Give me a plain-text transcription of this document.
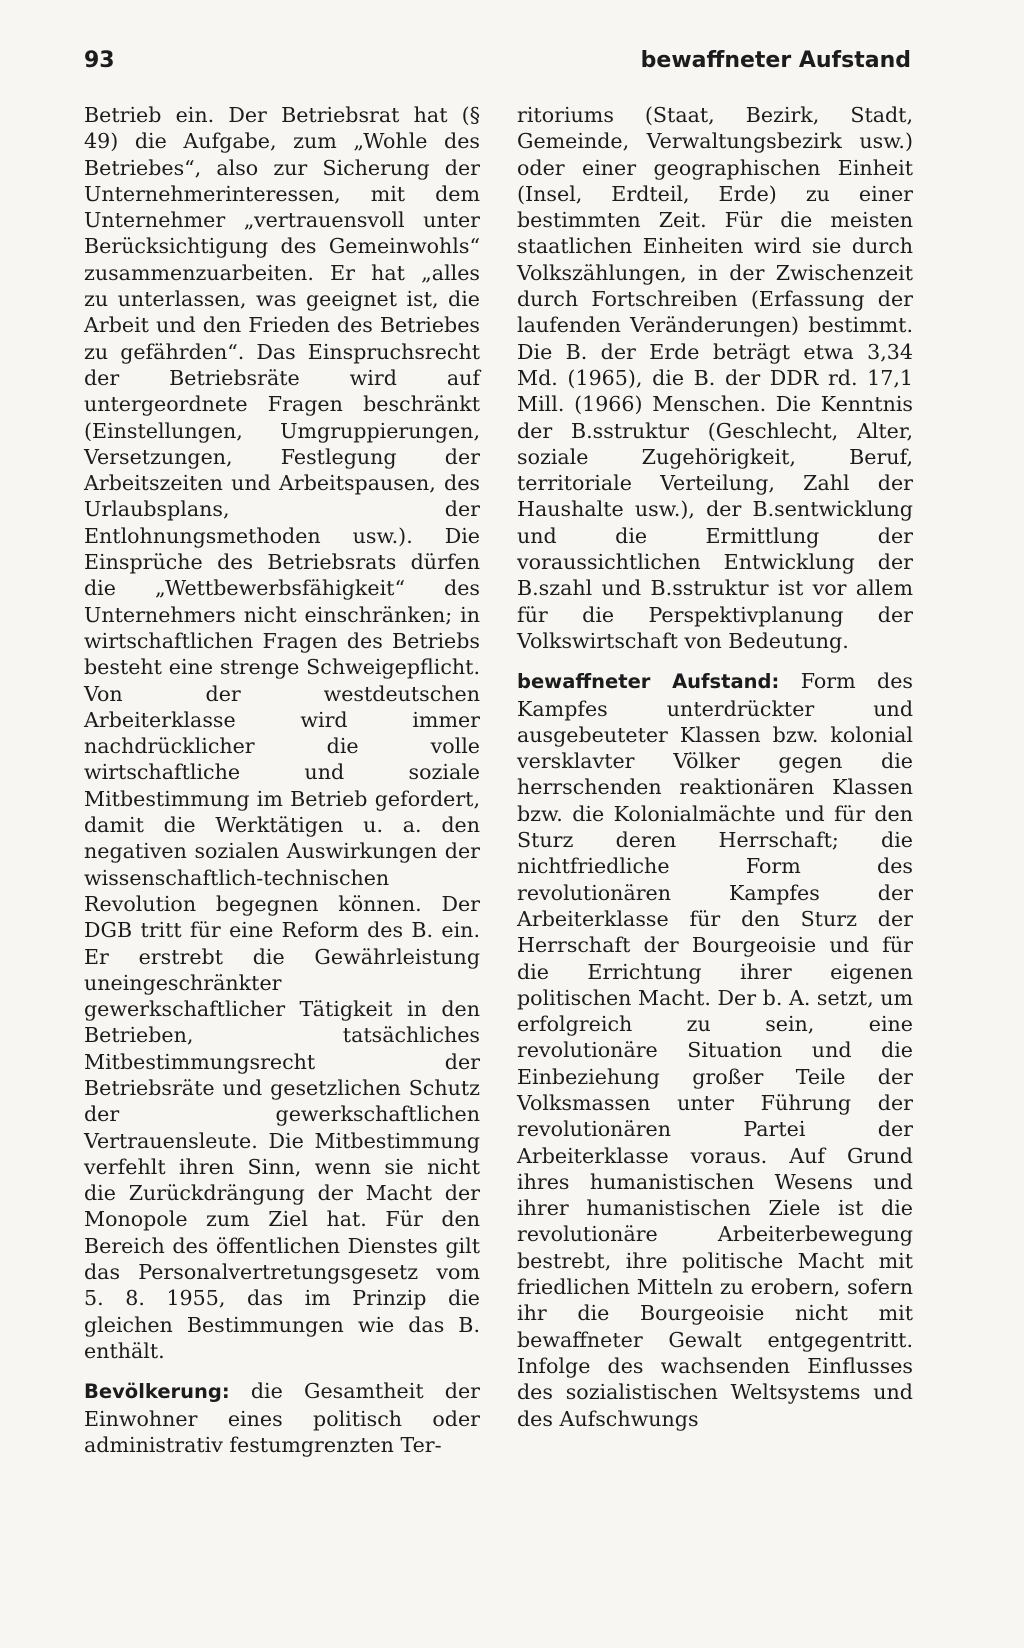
93	bewaffneter Aufstand

Betrieb ein. Der Betriebsrat hat (§ 49) die Aufgabe, zum „Wohle des Betriebes“, also zur Sicherung der Unternehmerinteressen, mit dem Unternehmer „vertrauensvoll unter Berücksichtigung des Gemeinwohls“ zusammenzuarbeiten. Er hat „alles zu unterlassen, was geeignet ist, die Arbeit und den Frieden des Betriebes zu gefährden“. Das Einspruchsrecht der Betriebsräte wird auf untergeordnete Fragen beschränkt (Einstellungen, Umgruppierungen, Versetzungen, Festlegung der Arbeitszeiten und Arbeitspausen, des Urlaubsplans, der Entlohnungsmethoden usw.). Die Einsprüche des Betriebsrats dürfen die „Wettbewerbsfähigkeit“ des Unternehmers nicht einschränken; in wirtschaftlichen Fragen des Betriebs besteht eine strenge Schweigepflicht. Von der westdeutschen Arbeiterklasse wird immer nachdrücklicher die volle wirtschaftliche und soziale Mitbestimmung im Betrieb gefordert, damit die Werktätigen u. a. den negativen sozialen Auswirkungen der wissenschaftlich-technischen Revolution begegnen können. Der DGB tritt für eine Reform des B. ein. Er erstrebt die Gewährleistung uneingeschränkter gewerkschaftlicher Tätigkeit in den Betrieben, tatsächliches Mitbestimmungsrecht der Betriebsräte und gesetzlichen Schutz der gewerkschaftlichen Vertrauensleute. Die Mitbestimmung verfehlt ihren Sinn, wenn sie nicht die Zurückdrängung der Macht der Monopole zum Ziel hat. Für den Bereich des öffentlichen Dienstes gilt das Personalvertretungsgesetz vom 5. 8. 1955, das im Prinzip die gleichen Bestimmungen wie das B. enthält.

Bevölkerung: die Gesamtheit der Einwohner eines politisch oder administrativ festumgrenzten Ter-

ritoriums (Staat, Bezirk, Stadt, Gemeinde, Verwaltungsbezirk usw.) oder einer geographischen Einheit (Insel, Erdteil, Erde) zu einer bestimmten Zeit. Für die meisten staatlichen Einheiten wird sie durch Volkszählungen, in der Zwischenzeit durch Fortschreiben (Erfassung der laufenden Veränderungen) bestimmt. Die B. der Erde beträgt etwa 3,34 Md. (1965), die B. der DDR rd. 17,1 Mill. (1966) Menschen. Die Kenntnis der B.sstruktur (Geschlecht, Alter, soziale Zugehörigkeit, Beruf, territoriale Verteilung, Zahl der Haushalte usw.), der B.sentwicklung und die Ermittlung der voraussichtlichen Entwicklung der B.szahl und B.sstruktur ist vor allem für die Perspektivplanung der Volkswirtschaft von Bedeutung.

bewaffneter Aufstand: Form des Kampfes unterdrückter und ausgebeuteter Klassen bzw. kolonial versklavter Völker gegen die herrschenden reaktionären Klassen bzw. die Kolonialmächte und für den Sturz deren Herrschaft; die nichtfriedliche Form des revolutionären Kampfes der Arbeiterklasse für den Sturz der Herrschaft der Bourgeoisie und für die Errichtung ihrer eigenen politischen Macht. Der b. A. setzt, um erfolgreich zu sein, eine revolutionäre Situation und die Einbeziehung großer Teile der Volksmassen unter Führung der revolutionären Partei der Arbeiterklasse voraus. Auf Grund ihres humanistischen Wesens und ihrer humanistischen Ziele ist die revolutionäre Arbeiterbewegung bestrebt, ihre politische Macht mit friedlichen Mitteln zu erobern, sofern ihr die Bourgeoisie nicht mit bewaffneter Gewalt entgegentritt. Infolge des wachsenden Einflusses des sozialistischen Weltsystems und des Aufschwungs
